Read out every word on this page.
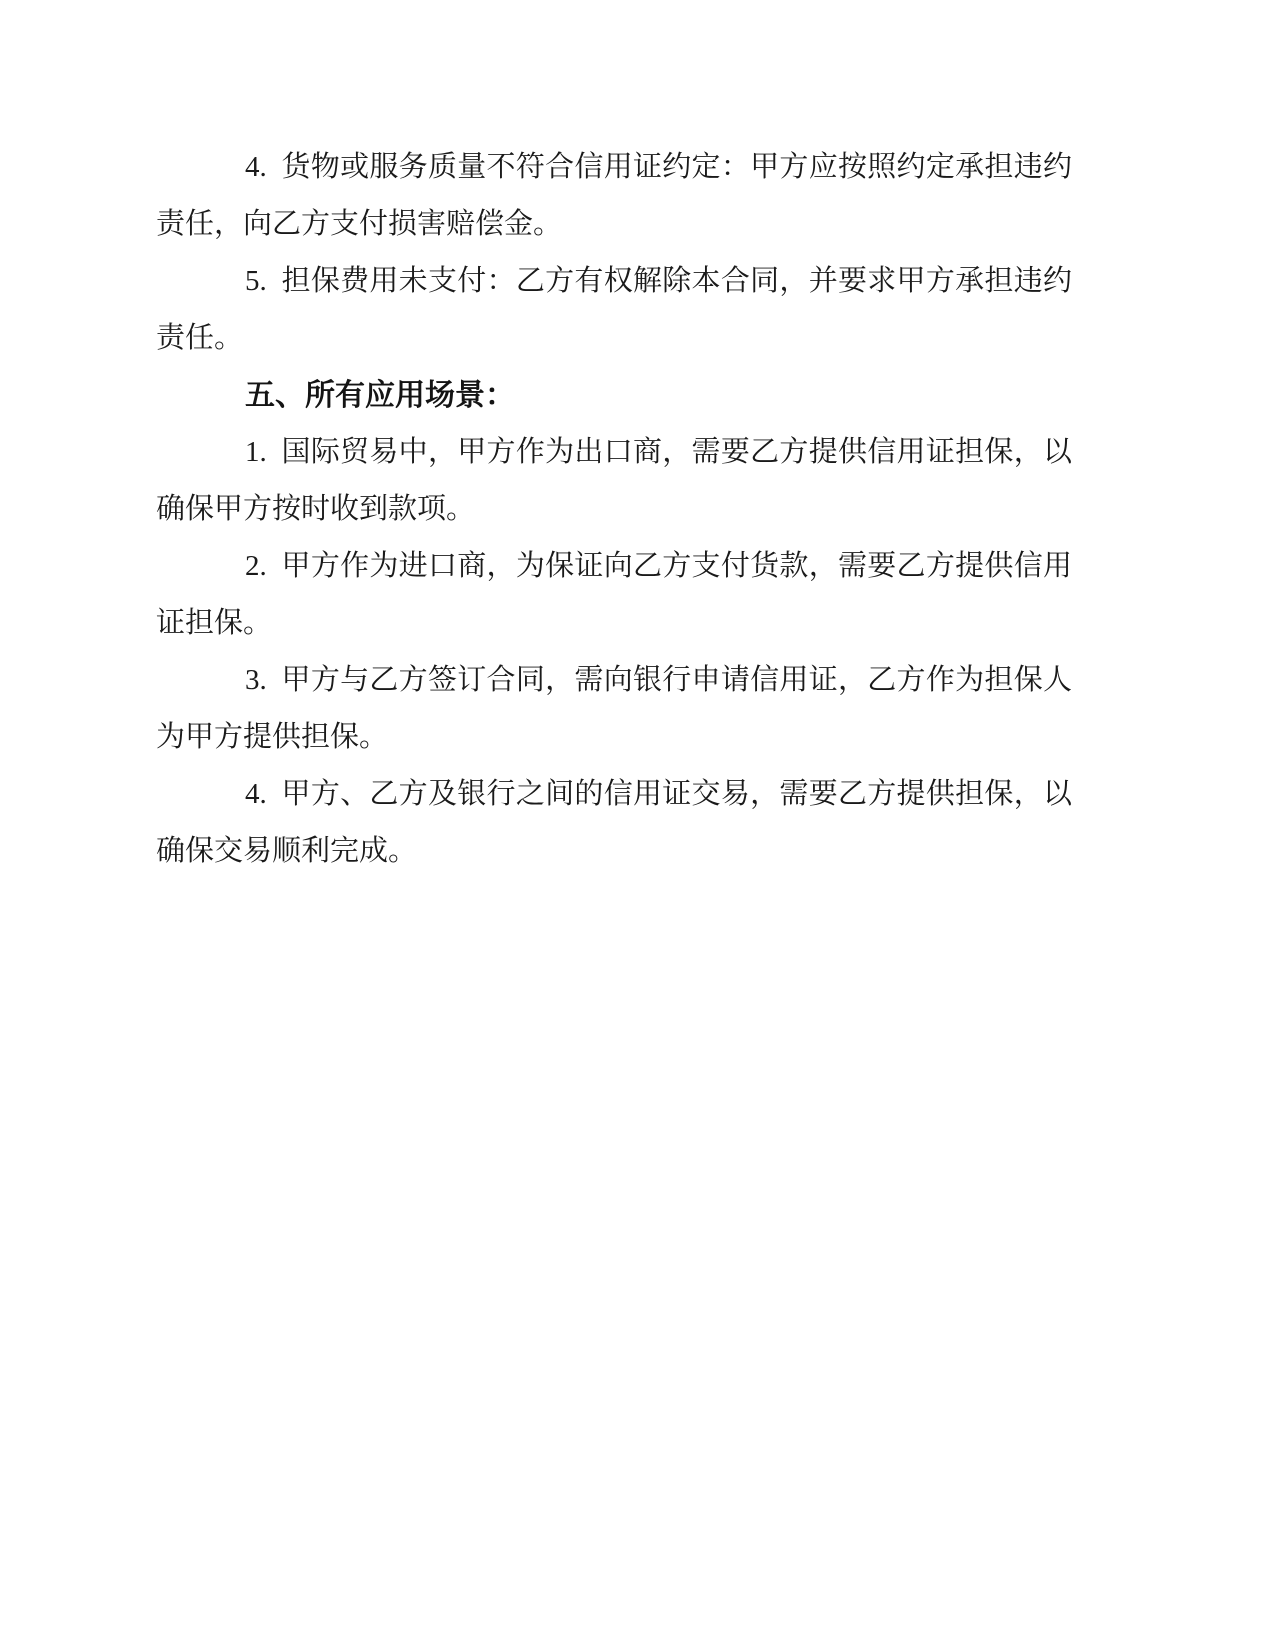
4. 货物或服务质量不符合信用证约定：甲方应按照约定承担违约
责任，向乙方支付损害赔偿金。
5. 担保费用未支付：乙方有权解除本合同，并要求甲方承担违约
责任。
五、所有应用场景：
1. 国际贸易中，甲方作为出口商，需要乙方提供信用证担保，以
确保甲方按时收到款项。
2. 甲方作为进口商，为保证向乙方支付货款，需要乙方提供信用
证担保。
3. 甲方与乙方签订合同，需向银行申请信用证，乙方作为担保人
为甲方提供担保。
4. 甲方、乙方及银行之间的信用证交易，需要乙方提供担保，以
确保交易顺利完成。
